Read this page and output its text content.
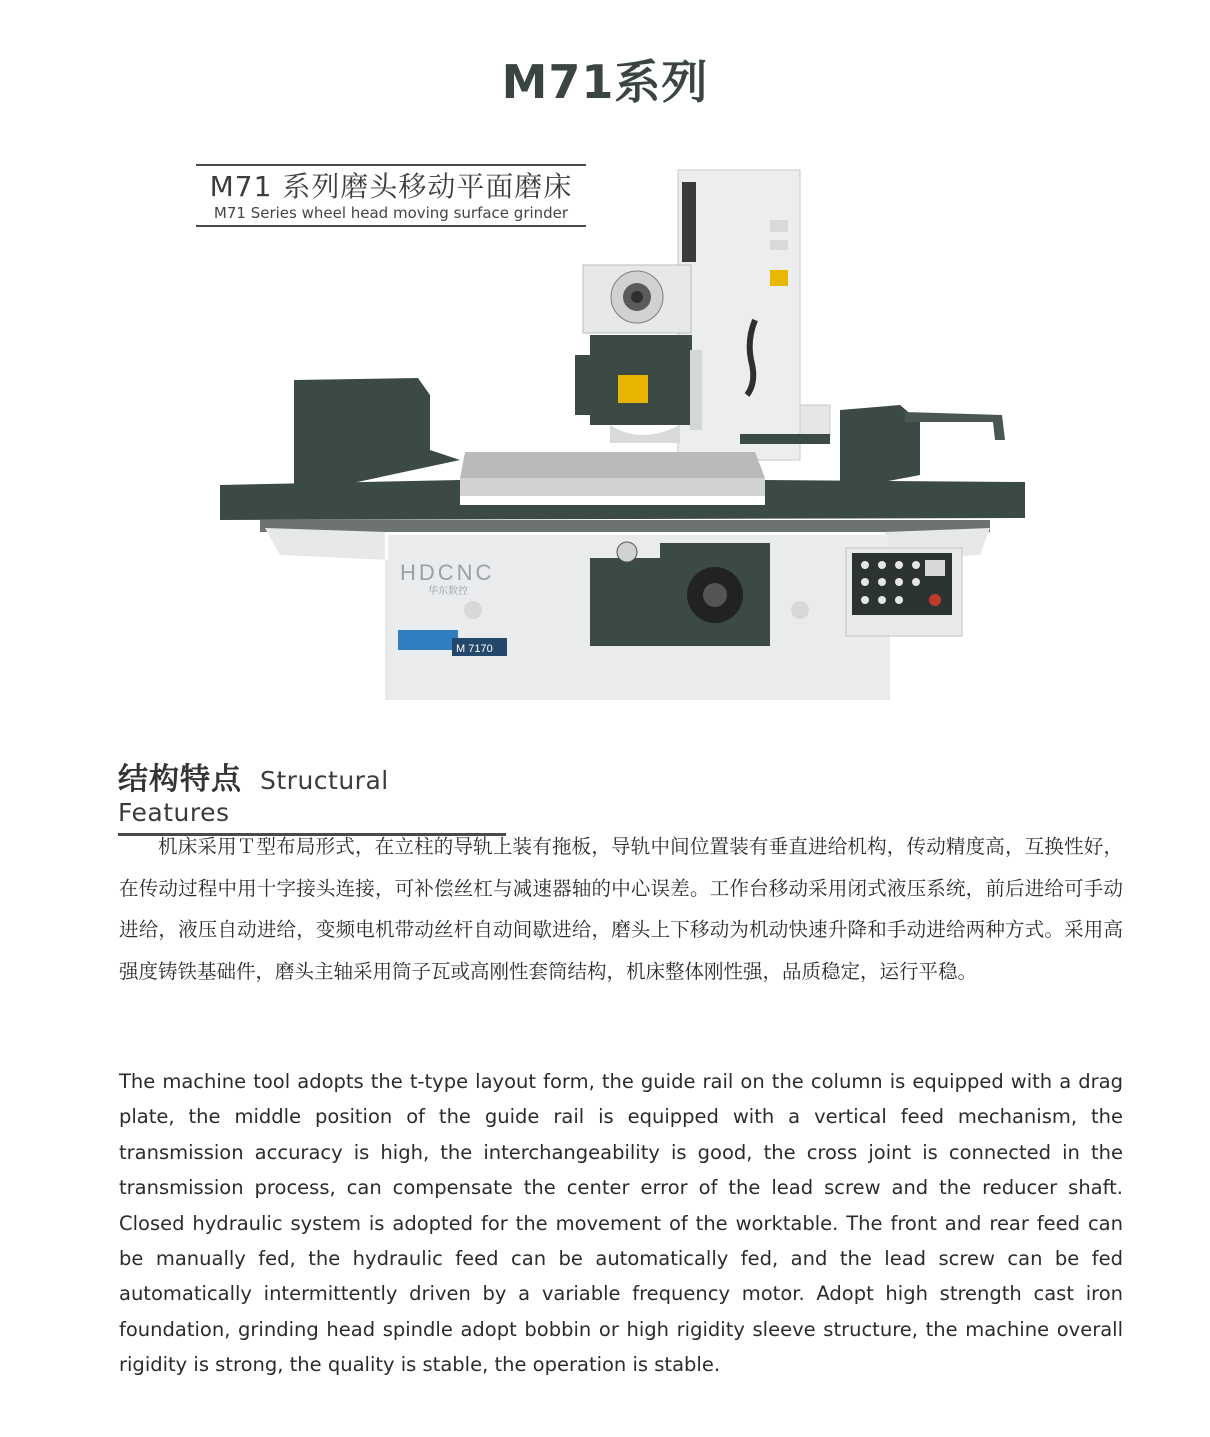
M71系列
HDCNC
华东数控
M 7170
M71 系列磨头移动平面磨床
M71 Series wheel head moving surface grinder
结构特点 Structural Features

机床采用Ｔ型布局形式，在立柱的导轨上装有拖板，导轨中间位置装有垂直进给机构，传动精度高，互换性好，在传动过程中用十字接头连接，可补偿丝杠与减速器轴的中心误差。工作台移动采用闭式液压系统，前后进给可手动进给，液压自动进给，变频电机带动丝杆自动间歇进给，磨头上下移动为机动快速升降和手动进给两种方式。采用高强度铸铁基础件，磨头主轴采用筒子瓦或高刚性套筒结构，机床整体刚性强，品质稳定，运行平稳。

The machine tool adopts the t-type layout form, the guide rail on the column is equipped with a drag plate, the middle position of the guide rail is equipped with a vertical feed mechanism, the transmission accuracy is high, the interchangeability is good, the cross joint is connected in the transmission process, can compensate the center error of the lead screw and the reducer shaft. Closed hydraulic system is adopted for the movement of the worktable. The front and rear feed can be manually fed, the hydraulic feed can be automatically fed, and the lead screw can be fed automatically intermittently driven by a variable frequency motor. Adopt high strength cast iron foundation, grinding head spindle adopt bobbin or high rigidity sleeve structure, the machine overall rigidity is strong, the quality is stable, the operation is stable.
